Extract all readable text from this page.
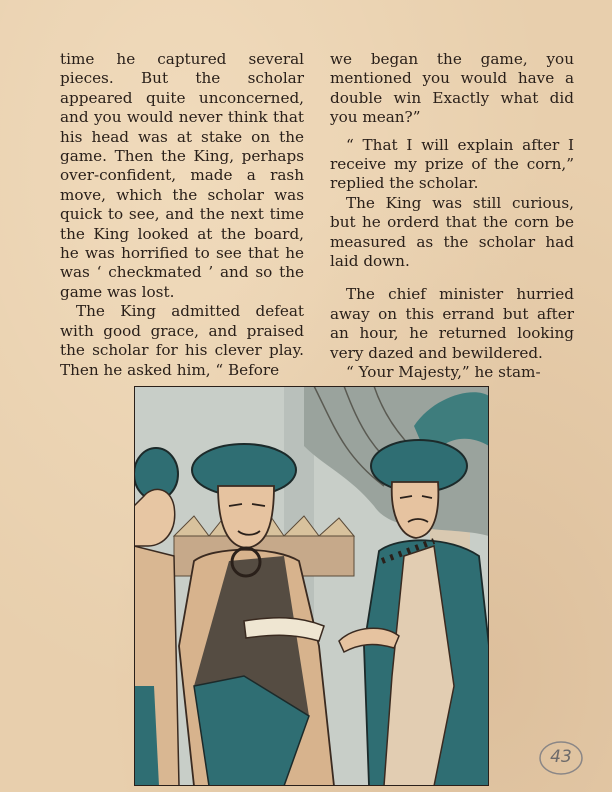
time he captured several pieces. But the scholar appeared quite unconcerned, and you would never think that his head was at stake on the game. Then the King, perhaps over-confident, made a rash move, which the scholar was quick to see, and the next time the King looked at the board, he was horrified to see that he was ‘ checkmated ’ and so the game was lost.

The King admitted defeat with good grace, and praised the scholar for his clever play. Then he asked him, “ Before

we began the game, you mentioned you would have a double win Exactly what did you mean?”

“ That I will explain after I receive my prize of the corn,” replied the scholar.

The King was still curious, but he orderd that the corn be measured as the scholar had laid down.

The chief minister hurried away on this errand but after an hour, he returned looking very dazed and bewildered.

“ Your Majesty,” he stam-

43
